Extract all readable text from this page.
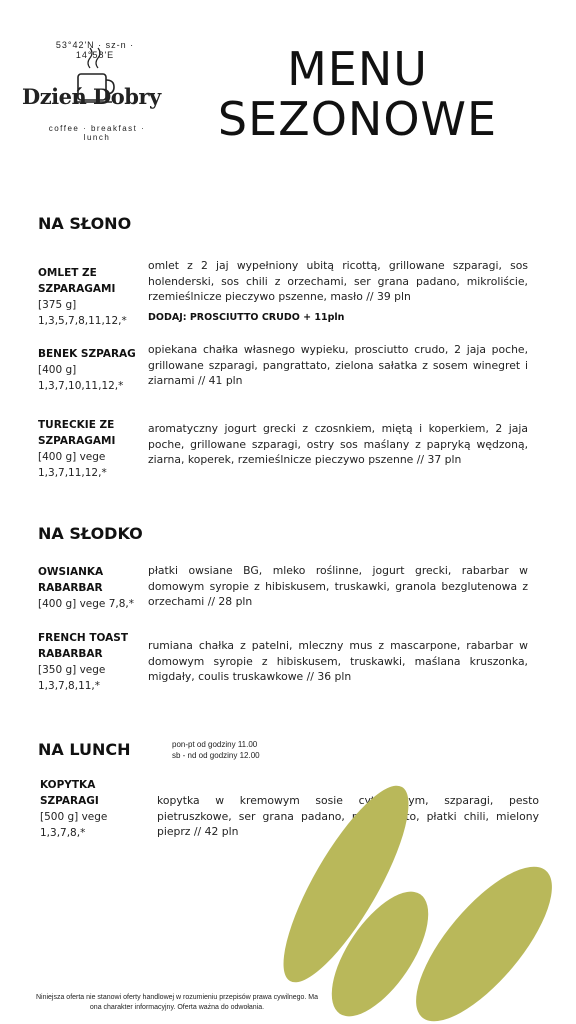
53°42'N · sz-n · 14°58'E
Dzień Dobry
coffee · breakfast · lunch
MENU
SEZONOWE
NA SŁONO
OMLET ZE SZPARAGAMI
[375 g]
1,3,5,7,8,11,12,*
omlet z 2 jaj wypełniony ubitą ricottą, grillowane szparagi, sos holenderski, sos chili z orzechami, ser grana padano, mikroliście, rzemieślnicze pieczywo pszenne, masło // 39 pln
DODAJ: PROSCIUTTO CRUDO + 11pln
BENEK SZPARAG
[400 g]
1,3,7,10,11,12,*
opiekana chałka własnego wypieku, prosciutto crudo, 2 jaja poche, grillowane szparagi, pangrattato, zielona sałatka z sosem winegret i ziarnami // 41 pln
TURECKIE ZE SZPARAGAMI
[400 g] vege
1,3,7,11,12,*
aromatyczny jogurt grecki z czosnkiem, miętą i koperkiem, 2 jaja poche, grillowane szparagi, ostry sos maślany z papryką wędzoną, ziarna, koperek, rzemieślnicze pieczywo pszenne // 37 pln
NA SŁODKO
OWSIANKA RABARBAR
[400 g] vege 7,8,*
płatki owsiane BG, mleko roślinne, jogurt grecki, rabarbar w domowym syropie z hibiskusem, truskawki, granola bezglutenowa z orzechami // 28 pln
FRENCH TOAST RABARBAR
[350 g] vege
1,3,7,8,11,*
rumiana chałka z patelni, mleczny mus z mascarpone, rabarbar w domowym syropie z hibiskusem, truskawki, maślana kruszonka, migdały, coulis truskawkowe // 36 pln
NA LUNCH	pon-pt od godziny 11.00
sb - nd od godziny 12.00
KOPYTKA SZPARAGI
[500 g] vege
1,3,7,8,*
kopytka w kremowym sosie cytrynowym, szparagi, pesto pietruszkowe, ser grana padano, pangrattato, płatki chili, mielony pieprz // 42 pln
Niniejsza oferta nie stanowi oferty handlowej w rozumieniu przepisów prawa cywilnego. Ma ona charakter informacyjny. Oferta ważna do odwołania.
